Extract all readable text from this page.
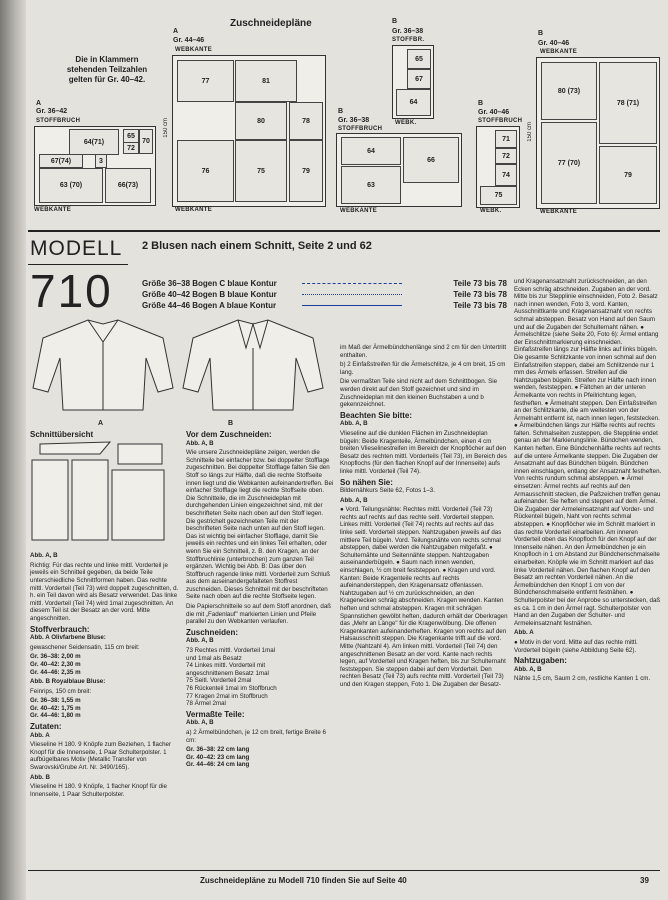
Zuschneidepläne
Die in Klammern stehenden Teilzahlen gelten für Gr. 40–42.
A
Gr. 36–42
STOFFBRUCH
64(71)
65
72
70
67(74)	3
63 (70)	66(73)
WEBKANTE
A
Gr. 44–46
WEBKANTE
77	81
80	78
79
76	75
150 cm
WEBKANTE
B
Gr. 36–38
STOFFBR.
65
67
64
WEBK.
B
Gr. 36–38
STOFFBRUCH
64
66
63
WEBKANTE
B
Gr. 40–46
STOFFBRUCH
71
72
74
75
WEBK.
B
Gr. 40–46
WEBKANTE
80 (73)
78 (71)
77 (70)
79
150 cm
WEBKANTE
MODELL
710
2 Blusen nach einem Schnitt, Seite 2 und 62
Größe 36–38 Bogen C blaue Kontur	Teile 73 bis 78
Größe 40–42 Bogen B blaue Kontur	Teile 73 bis 78
Größe 44–46 Bogen A blaue Kontur	Teile 73 bis 78
A	B
Schnittübersicht

Abb. A, B

Richtig: Für das rechte und linke mittl. Vorderteil je jeweils ein Schnitteil gegeben, da beide Teile unterschiedliche Schnittformen haben. Das rechte mittl. Vorderteil (Teil 73) wird doppelt zugeschnitten, d. h. ein Teil davon wird als Besatz verwendet. Das linke mittl. Vorderteil (Teil 74) wird 1mal zugeschnitten. An diesem Teil ist der Besatz an der vord. Mitte angeschnitten.

Stoffverbrauch:

Abb. A Olivfarbene Bluse:

gewaschener Seidensatin, 115 cm breit:

Gr. 36–38: 2,00 m

Gr. 40–42: 2,30 m

Gr. 44–46: 2,35 m

Abb. B Royalblaue Bluse:

Feinrips, 150 cm breit:

Gr. 36–38: 1,55 m

Gr. 40–42: 1,75 m

Gr. 44–46: 1,80 m

Zutaten:

Abb. A

Vlieseline H 180. 9 Knöpfe zum Beziehen, 1 flacher Knopf für die Innenseite, 1 Paar Schulterpolster. 1 aufbügelbares Motiv (Metallic Transfer von Swarovski/Grube Art. Nr. 3490/165).

Abb. B

Vlieseline H 180. 9 Knöpfe, 1 flacher Knopf für die Innenseite, 1 Paar Schulterpolster.

Vor dem Zuschneiden:

Abb. A, B

Wie unsere Zuschneidepläne zeigen, werden die Schnitteile bei einfacher bzw. bei doppelter Stofflage zugeschnitten. Bei doppelter Stofflage falten Sie den Stoff so längs zur Hälfte, daß die rechte Stoffseite innen liegt und die Webkanten aufeinandertreffen. Bei einfacher Stofflage liegt die rechte Stoffseite oben. Die Schnitteile, die im Zuschneideplan mit durchgehenden Linien eingezeichnet sind, mit der beschrifteten Seite nach oben auf den Stoff legen. Die gestrichelt gezeichneten Teile mit der beschrifteten Seite nach unten auf den Stoff legen. Das ist wichtig bei einfacher Stofflage, damit Sie jeweils ein rechtes und ein linkes Teil erhalten, oder wenn Sie ein Schnitteil, z. B. den Kragen, an der Stoffbruchlinie (unterbrochen) zum ganzen Teil ergänzen. Wichtig bei Abb. B: Das über den Stoffbruch ragende linke mittl. Vorderteil zum Schluß aus dem auseinandergefalteten Stoffrest zuschneiden. Dieses Schnitteil mit der beschrifteten Seite nach oben auf die rechte Stoffseite legen.

Die Papierschnitteile so auf dem Stoff anordnen, daß die mit „Fadenlauf" markierten Linien und Pfeile parallel zu den Webkanten verlaufen.

Zuschneiden:

Abb. A, B

73 Rechtes mittl. Vorderteil 1mal

und 1mal als Besatz

74 Linkes mittl. Vorderteil mit

angeschnittenem Besatz 1mal

75 Seitl. Vorderteil 2mal

76 Rückenteil 1mal im Stoffbruch

77 Kragen 2mal im Stoffbruch

78 Ärmel 2mal

Vermaßte Teile:

Abb. A, B

a) 2 Ärmelbündchen, je 12 cm breit, fertige Breite 6 cm:

Gr. 36–38: 22 cm lang

Gr. 40–42: 23 cm lang

Gr. 44–46: 24 cm lang

im Maß der Ärmelbündchenlänge sind 2 cm für den Untertritt enthalten.

b) 2 Einfaßstreifen für die Ärmelschlitze, je 4 cm breit, 15 cm lang.

Die vermaßten Teile sind nicht auf dem Schnittbogen. Sie werden direkt auf den Stoff gezeichnet und sind im Zuschneideplan mit den kleinen Buchstaben a und b gekennzeichnet.

Beachten Sie bitte:

Abb. A, B

Vlieseline auf die dunklen Flächen im Zuschneideplan bügeln: Beide Kragenteile, Ärmelbündchen, einen 4 cm breiten Vlieselinestreifen im Bereich der Knopflöcher auf den Besatz des rechten mittl. Vorderteils (Teil 73), im Bereich des Knopflochs (für den flachen Knopf auf der Innenseite) aufs linke mittl. Vorderteil (Teil 74).

So nähen Sie:

Bildernähkurs Seite 62, Fotos 1–3.

Abb. A, B

● Vord. Teilungsnähte: Rechtes mittl. Vorderteil (Teil 73) rechts auf rechts auf das rechte seitl. Vorderteil steppen. Linkes mittl. Vorderteil (Teil 74) rechts auf rechts auf das linke seitl. Vorderteil steppen. Nahtzugaben jeweils auf das mittlere Teil bügeln. Vord. Teilungsnähte von rechts schmal absteppen, dabei werden die Nahtzugaben mitgefaßt. ● Schulternähte und Seitennähte steppen. Nahtzugaben auseinanderbügeln. ● Saum nach innen wenden, einschlagen, ½ cm breit feststeppen. ● Kragen und vord. Kanten: Beide Kragenteile rechts auf rechts aufeinandersteppen, den Kragenansatz offenlassen. Nahtzugaben auf ½ cm zurückschneiden, an den Kragenecken schräg abschneiden. Kragen wenden. Kanten heften und schmal absteppen. Kragen mit schrägen Spannstichen gewölbt heften, dadurch erhält der Oberkragen das „Mehr an Länge" für die Kragenwölbung. Die offenen Kragenkanten aufeinanderheften. Kragen von rechts auf den Halsausschnitt steppen. Die Kragenkante trifft auf die vord. Mitte (Nahtzahl 4). Am linken mittl. Vorderteil (Teil 74) den angeschnittenen Besatz an der vord. Kante nach rechts legen, auf Vorderteil und Kragen heften, bis zur Schulternaht feststeppen. Sie steppen dabei auf dem Vorderteil. Den rechten Besatz (Teil 73) aufs rechte mittl. Vorderteil (Teil 73) und den Kragen steppen, Foto 1. Die Zugaben der Besatz-

und Kragenansatznaht zurückschneiden, an den Ecken schräg abschneiden. Zugaben an der vord. Mitte bis zur Stepplinie einschneiden, Foto 2. Besatz nach innen wenden, Foto 3, vord. Kanten, Ausschnittkante und Kragenansatznaht von rechts schmal absteppen. Besatz von Hand auf den Saum und auf die Zugaben der Schulternaht nähen. ● Ärmelschlitze (siehe Seite 20, Foto 6): Ärmel entlang der Einschnittmarkierung einschneiden. Einfaßstreifen längs zur Hälfte links auf links bügeln. Die gesamte Schlitzkante von innen schmal auf den Einfaßstreifen steppen, dabei am Schlitzende nur 1 mm des Ärmels erfassen. Streifen auf die Nahtzugaben bügeln. Streifen zur Hälfte nach innen wenden, feststeppen. ● Fältchen an der unteren Ärmelkante von rechts in Pfeilrichtung legen, festheften. ● Ärmelnaht steppen. Den Einfaßstreifen an der Schlitzkante, die am weitesten von der Ärmelnaht entfernt ist, nach innen legen, feststecken. ● Ärmelbündchen längs zur Hälfte rechts auf rechts falten. Schmalseiten zusteppen, die Stepplinie endet genau an der Markierungslinie. Bündchen wenden, Kanten heften. Eine Bündchenhälfte rechts auf rechts auf die untere Ärmelkante steppen. Die Zugaben der Ansatznaht auf das Bündchen bügeln. Bündchen innen einschlagen, entlang der Ansatznaht festheften. Von rechts rundum schmal absteppen. ● Ärmel einsetzen: Ärmel rechts auf rechts auf den Armausschnitt stecken, die Paßzeichen treffen genau aufeinander. Sie heften und steppen auf dem Ärmel. Die Zugaben der Armeleinsatznaht auf Vorder- und Rückenteil bügeln, Naht von rechts schmal absteppen. ● Knopflöcher wie im Schnitt markiert in das rechte Vorderteil einarbeiten. Am inneren Vorderteil oben das Knopfloch für den Knopf auf der Innenseite nähen. An den Ärmelbündchen je ein Knopfloch in 1 cm Abstand zur Bündchenschmalseite einarbeiten. Knöpfe wie im Schnitt markiert auf das linke Vorderteil nähen. Den flachen Knopf auf den Besatz am rechten Vorderteil nähen. An die Ärmelbündchen den Knopf 1 cm von der Bündchenschmalseite entfernt festnähen. ● Schulterpolster bei der Anprobe so unterstecken, daß es ca. 1 cm in den Ärmel ragt. Schulterpolster von Hand an den Zugaben der Schulter- und Armeleinsatznaht festnähen.

Abb. A

● Motiv in der vord. Mitte auf das rechte mittl. Vorderteil bügeln (siehe Abbildung Seite 62).

Nahtzugaben:

Abb. A, B

Nähte 1,5 cm, Saum 2 cm, restliche Kanten 1 cm.

Zuschneidepläne zu Modell 710 finden Sie auf Seite 40	39
